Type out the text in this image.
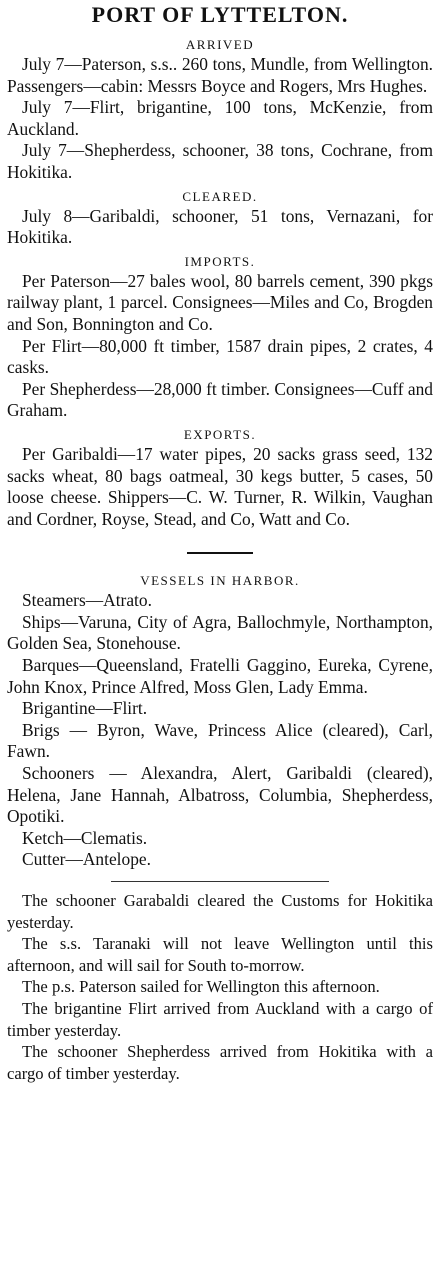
PORT OF LYTTELTON.
ARRIVED

July 7—Paterson, s.s.. 260 tons, Mundle, from Wellington. Passengers—cabin: Messrs Boyce and Rogers, Mrs Hughes.

July 7—Flirt, brigantine, 100 tons, McKenzie, from Auckland.

July 7—Shepherdess, schooner, 38 tons, Cochrane, from Hokitika.

CLEARED.

July 8—Garibaldi, schooner, 51 tons, Vernazani, for Hokitika.

IMPORTS.

Per Paterson—27 bales wool, 80 barrels cement, 390 pkgs railway plant, 1 parcel. Consignees—Miles and Co, Brogden and Son, Bonnington and Co.

Per Flirt—80,000 ft timber, 1587 drain pipes, 2 crates, 4 casks.

Per Shepherdess—28,000 ft timber. Consignees—Cuff and Graham.

EXPORTS.

Per Garibaldi—17 water pipes, 20 sacks grass seed, 132 sacks wheat, 80 bags oatmeal, 30 kegs butter, 5 cases, 50 loose cheese. Shippers—C. W. Turner, R. Wilkin, Vaughan and Cordner, Royse, Stead, and Co, Watt and Co.

VESSELS IN HARBOR.

Steamers—Atrato.

Ships—Varuna, City of Agra, Ballochmyle, Northampton, Golden Sea, Stonehouse.

Barques—Queensland, Fratelli Gaggino, Eureka, Cyrene, John Knox, Prince Alfred, Moss Glen, Lady Emma.

Brigantine—Flirt.

Brigs — Byron, Wave, Princess Alice (cleared), Carl, Fawn.

Schooners — Alexandra, Alert, Garibaldi (cleared), Helena, Jane Hannah, Albatross, Columbia, Shepherdess, Opotiki.

Ketch—Clematis.

Cutter—Antelope.

The schooner Garabaldi cleared the Customs for Hokitika yesterday.

The s.s. Taranaki will not leave Wellington until this afternoon, and will sail for South to-morrow.

The p.s. Paterson sailed for Wellington this afternoon.

The brigantine Flirt arrived from Auckland with a cargo of timber yesterday.

The schooner Shepherdess arrived from Hokitika with a cargo of timber yesterday.
